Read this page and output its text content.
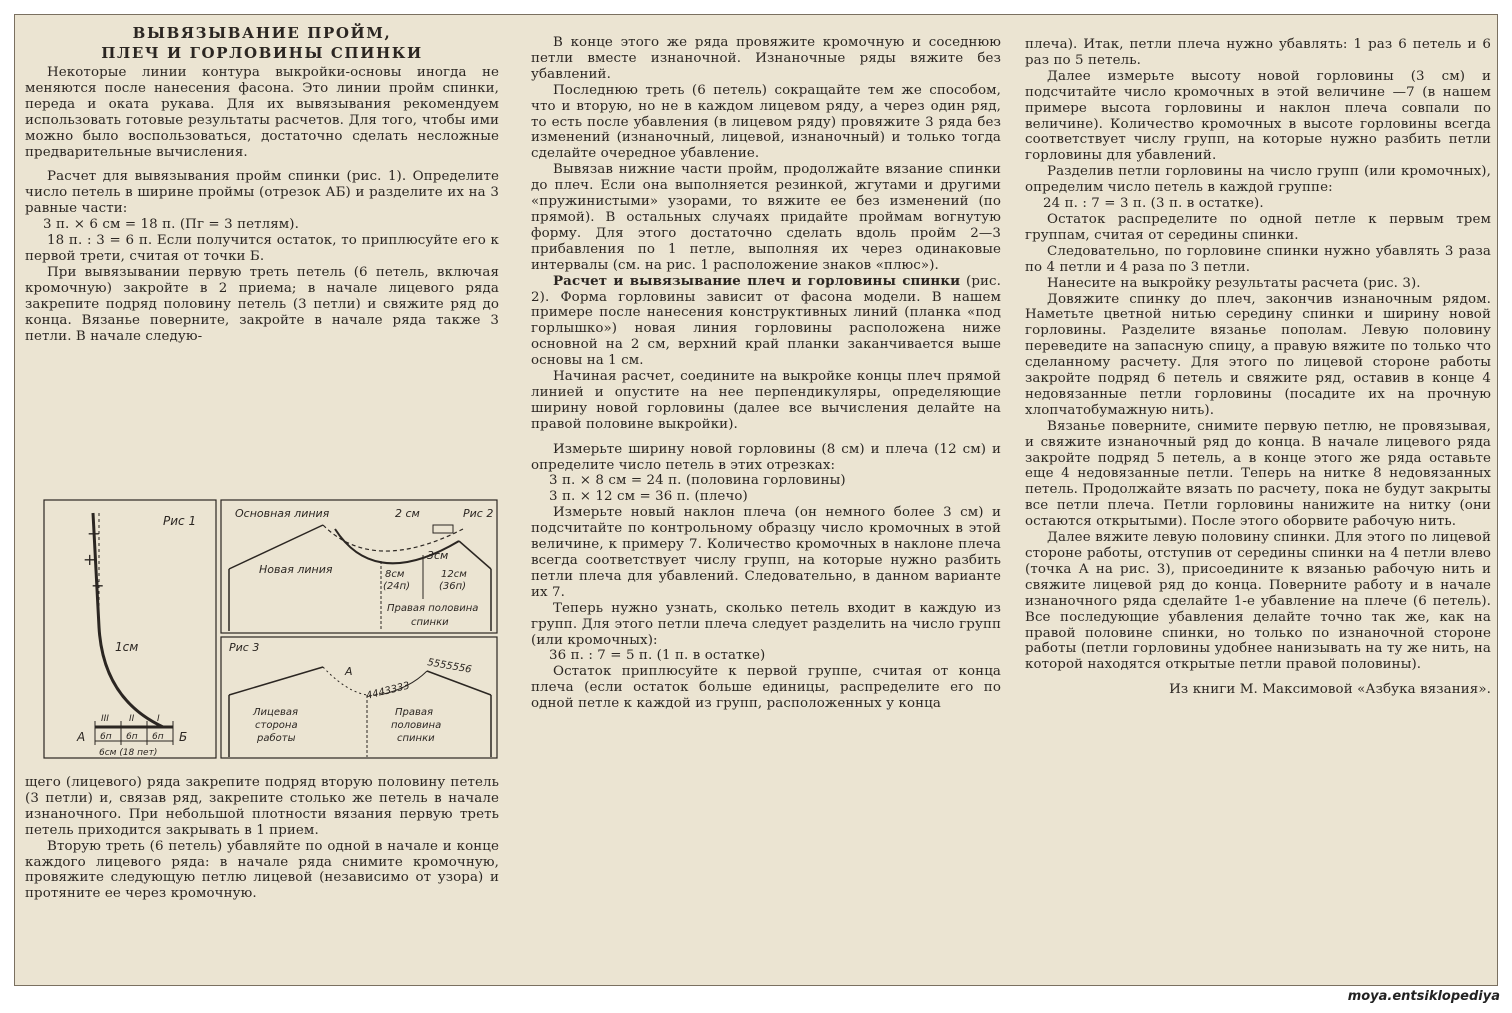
ВЫВЯЗЫВАНИЕ ПРОЙМ,
ПЛЕЧ И ГОРЛОВИНЫ СПИНКИ

Некоторые линии контура выкройки-основы иногда не меняются после нанесения фасона. Это линии пройм спинки, переда и оката рукава. Для их вывязывания рекомендуем использовать готовые результаты расчетов. Для того, чтобы ими можно было воспользоваться, достаточно сделать несложные предварительные вычисления.

Расчет для вывязывания пройм спинки (рис. 1). Определите число петель в ширине проймы (отрезок АБ) и разделите их на 3 равные части:

3 п. × 6 см = 18 п. (Пг = 3 петлям).

18 п. : 3 = 6 п. Если получится остаток, то приплюсуйте его к первой трети, считая от точки Б.

При вывязывании первую треть петель (6 петель, включая кромочную) закройте в 2 приема; в начале лицевого ряда закрепите подряд половину петель (3 петли) и свяжите ряд до конца. Вязанье поверните, закройте в начале ряда также 3 петли. В начале следую-

Рис 1
+
+
+
1см
А	Б
III II	I
6п 6п 6п
6см (18 пет)
Основная линия
Новая линия
Рис 2
2 см
3см
8см
(24п)
12см
(36п)
Правая половина
спинки
Рис 3
А
4443333
5555556
Лицевая
сторона
работы
Правая
половина
спинки

щего (лицевого) ряда закрепите подряд вторую половину петель (3 петли) и, связав ряд, закрепите столько же петель в начале изнаночного. При небольшой плотности вязания первую треть петель приходится закрывать в 1 прием.

Вторую треть (6 петель) убавляйте по одной в начале и конце каждого лицевого ряда: в начале ряда снимите кромочную, провяжите следующую петлю лицевой (независимо от узора) и протяните ее через кромочную.

В конце этого же ряда провяжите кромочную и соседнюю петли вместе изнаночной. Изнаночные ряды вяжите без убавлений.

Последнюю треть (6 петель) сокращайте тем же способом, что и вторую, но не в каждом лицевом ряду, а через один ряд, то есть после убавления (в лицевом ряду) провяжите 3 ряда без изменений (изнаночный, лицевой, изнаночный) и только тогда сделайте очередное убавление.

Вывязав нижние части пройм, продолжайте вязание спинки до плеч. Если она выполняется резинкой, жгутами и другими «пружинистыми» узорами, то вяжите ее без изменений (по прямой). В остальных случаях придайте проймам вогнутую форму. Для этого достаточно сделать вдоль пройм 2—3 прибавления по 1 петле, выполняя их через одинаковые интервалы (см. на рис. 1 расположение знаков «плюс»).

Расчет и вывязывание плеч и горловины спинки (рис. 2). Форма горловины зависит от фасона модели. В нашем примере после нанесения конструктивных линий (планка «под горлышко») новая линия горловины расположена ниже основной на 2 см, верхний край планки заканчивается выше основы на 1 см.

Начиная расчет, соедините на выкройке концы плеч прямой линией и опустите на нее перпендикуляры, определяющие ширину новой горловины (далее все вычисления делайте на правой половине выкройки).

Измерьте ширину новой горловины (8 см) и плеча (12 см) и определите число петель в этих отрезках:

3 п. × 8 см = 24 п. (половина горловины)

3 п. × 12 см = 36 п. (плечо)

Измерьте новый наклон плеча (он немного более 3 см) и подсчитайте по контрольному образцу число кромочных в этой величине, к примеру 7. Количество кромочных в наклоне плеча всегда соответствует числу групп, на которые нужно разбить петли плеча для убавлений. Следовательно, в данном варианте их 7.

Теперь нужно узнать, сколько петель входит в каждую из групп. Для этого петли плеча следует разделить на число групп (или кромочных):

36 п. : 7 = 5 п. (1 п. в остатке)

Остаток приплюсуйте к первой группе, считая от конца плеча (если остаток больше единицы, распределите его по одной петле к каждой из групп, расположенных у конца

плеча). Итак, петли плеча нужно убавлять: 1 раз 6 петель и 6 раз по 5 петель.

Далее измерьте высоту новой горловины (3 см) и подсчитайте число кромочных в этой величине —7 (в нашем примере высота горловины и наклон плеча совпали по величине). Количество кромочных в высоте горловины всегда соответствует числу групп, на которые нужно разбить петли горловины для убавлений.

Разделив петли горловины на число групп (или кромочных), определим число петель в каждой группе:

24 п. : 7 = 3 п. (3 п. в остатке).

Остаток распределите по одной петле к первым трем группам, считая от середины спинки.

Следовательно, по горловине спинки нужно убавлять 3 раза по 4 петли и 4 раза по 3 петли.

Нанесите на выкройку результаты расчета (рис. 3).

Довяжите спинку до плеч, закончив изнаночным рядом. Наметьте цветной нитью середину спинки и ширину новой горловины. Разделите вязанье пополам. Левую половину переведите на запасную спицу, а правую вяжите по только что сделанному расчету. Для этого по лицевой стороне работы закройте подряд 6 петель и свяжите ряд, оставив в конце 4 недовязанные петли горловины (посадите их на прочную хлопчатобумажную нить).

Вязанье поверните, снимите первую петлю, не провязывая, и свяжите изнаночный ряд до конца. В начале лицевого ряда закройте подряд 5 петель, а в конце этого же ряда оставьте еще 4 недовязанные петли. Теперь на нитке 8 недовязанных петель. Продолжайте вязать по расчету, пока не будут закрыты все петли плеча. Петли горловины нанижите на нитку (они остаются открытыми). После этого оборвите рабочую нить.

Далее вяжите левую половину спинки. Для этого по лицевой стороне работы, отступив от середины спинки на 4 петли влево (точка А на рис. 3), присоедините к вязанью рабочую нить и свяжите лицевой ряд до конца. Поверните работу и в начале изнаночного ряда сделайте 1-е убавление на плече (6 петель). Все последующие убавления делайте точно так же, как на правой половине спинки, но только по изнаночной стороне работы (петли горловины удобнее нанизывать на ту же нить, на которой находятся открытые петли правой половины).

Из книги М. Максимовой «Азбука вязания».

moya.entsiklopediya
